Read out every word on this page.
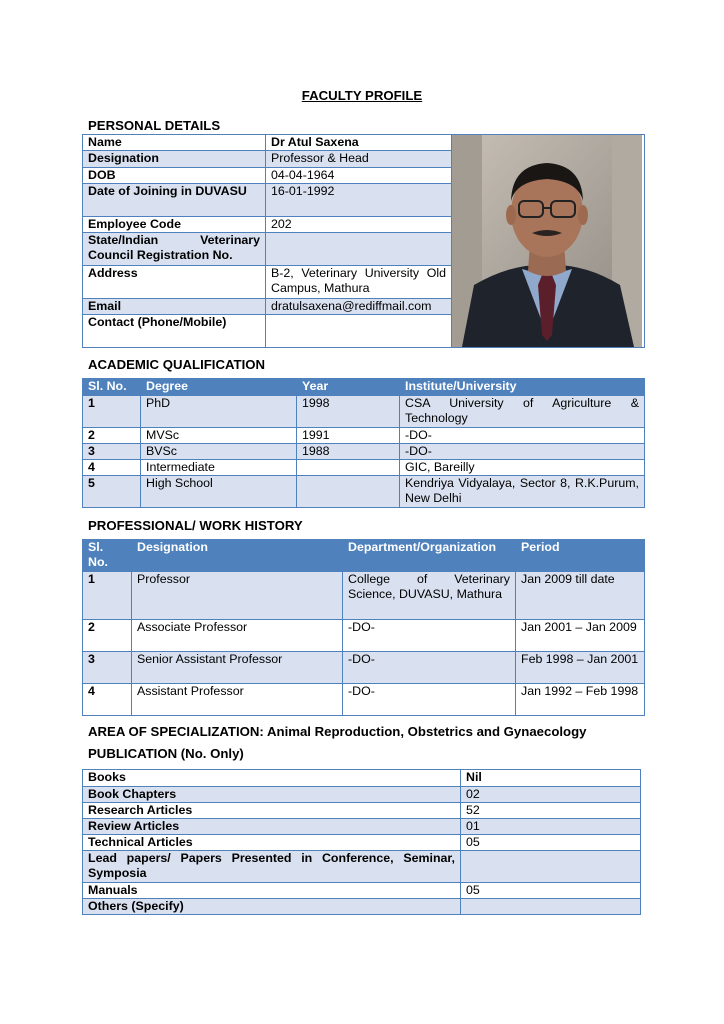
FACULTY PROFILE
PERSONAL DETAILS
Name	Dr Atul Saxena	

Designation	Professor & Head	
DOB	04-04-1964	
Date of Joining in DUVASU	16-01-1992	
Employee Code	202	
State/Indian Veterinary Council Registration No.		
Address	B-2, Veterinary University Old Campus, Mathura	
Email	dratulsaxena@rediffmail.com	
Contact (Phone/Mobile)		
ACADEMIC QUALIFICATION
Sl. No.	Degree	Year	Institute/University
1	PhD	1998	CSA University of Agriculture & Technology
2	MVSc	1991	-DO-
3	BVSc	1988	-DO-
4	Intermediate		GIC, Bareilly
5	High School		Kendriya Vidyalaya, Sector 8, R.K.Purum, New Delhi
PROFESSIONAL/ WORK HISTORY
Sl. No.	Designation	Department/Organization	Period
1	Professor	College of Veterinary Science, DUVASU, Mathura	Jan 2009 till date
2	Associate Professor	-DO-	Jan 2001 – Jan 2009
3	Senior Assistant Professor	-DO-	Feb 1998 – Jan 2001
4	Assistant Professor	-DO-	Jan 1992 – Feb 1998
AREA OF SPECIALIZATION: Animal Reproduction, Obstetrics and Gynaecology
PUBLICATION (No. Only)
Books	Nil
Book Chapters	02
Research Articles	52
Review Articles	01
Technical Articles	05
Lead papers/ Papers Presented in Conference, Seminar, Symposia	
Manuals	05
Others (Specify)	
